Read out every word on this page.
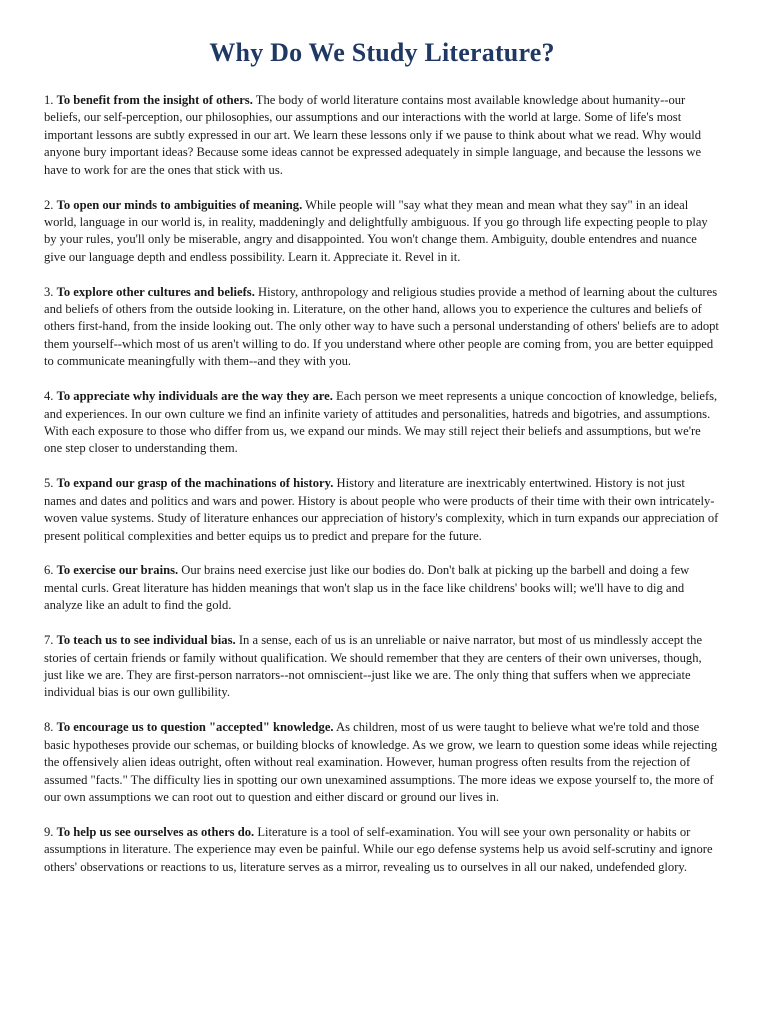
Why Do We Study Literature?

1. To benefit from the insight of others. The body of world literature contains most available knowledge about humanity--our beliefs, our self-perception, our philosophies, our assumptions and our interactions with the world at large. Some of life's most important lessons are subtly expressed in our art. We learn these lessons only if we pause to think about what we read. Why would anyone bury important ideas? Because some ideas cannot be expressed adequately in simple language, and because the lessons we have to work for are the ones that stick with us.

2. To open our minds to ambiguities of meaning. While people will "say what they mean and mean what they say" in an ideal world, language in our world is, in reality, maddeningly and delightfully ambiguous. If you go through life expecting people to play by your rules, you'll only be miserable, angry and disappointed. You won't change them. Ambiguity, double entendres and nuance give our language depth and endless possibility. Learn it. Appreciate it. Revel in it.

3. To explore other cultures and beliefs. History, anthropology and religious studies provide a method of learning about the cultures and beliefs of others from the outside looking in. Literature, on the other hand, allows you to experience the cultures and beliefs of others first-hand, from the inside looking out. The only other way to have such a personal understanding of others' beliefs are to adopt them yourself--which most of us aren't willing to do. If you understand where other people are coming from, you are better equipped to communicate meaningfully with them--and they with you.

4. To appreciate why individuals are the way they are. Each person we meet represents a unique concoction of knowledge, beliefs, and experiences. In our own culture we find an infinite variety of attitudes and personalities, hatreds and bigotries, and assumptions. With each exposure to those who differ from us, we expand our minds. We may still reject their beliefs and assumptions, but we're one step closer to understanding them.

5. To expand our grasp of the machinations of history. History and literature are inextricably entertwined. History is not just names and dates and politics and wars and power. History is about people who were products of their time with their own intricately-woven value systems. Study of literature enhances our appreciation of history's complexity, which in turn expands our appreciation of present political complexities and better equips us to predict and prepare for the future.

6. To exercise our brains. Our brains need exercise just like our bodies do. Don't balk at picking up the barbell and doing a few mental curls. Great literature has hidden meanings that won't slap us in the face like childrens' books will; we'll have to dig and analyze like an adult to find the gold.

7. To teach us to see individual bias. In a sense, each of us is an unreliable or naive narrator, but most of us mindlessly accept the stories of certain friends or family without qualification. We should remember that they are centers of their own universes, though, just like we are. They are first-person narrators--not omniscient--just like we are. The only thing that suffers when we appreciate individual bias is our own gullibility.

8. To encourage us to question "accepted" knowledge. As children, most of us were taught to believe what we're told and those basic hypotheses provide our schemas, or building blocks of knowledge. As we grow, we learn to question some ideas while rejecting the offensively alien ideas outright, often without real examination. However, human progress often results from the rejection of assumed "facts." The difficulty lies in spotting our own unexamined assumptions. The more ideas we expose yourself to, the more of our own assumptions we can root out to question and either discard or ground our lives in.

9. To help us see ourselves as others do. Literature is a tool of self-examination. You will see your own personality or habits or assumptions in literature. The experience may even be painful. While our ego defense systems help us avoid self-scrutiny and ignore others' observations or reactions to us, literature serves as a mirror, revealing us to ourselves in all our naked, undefended glory.
